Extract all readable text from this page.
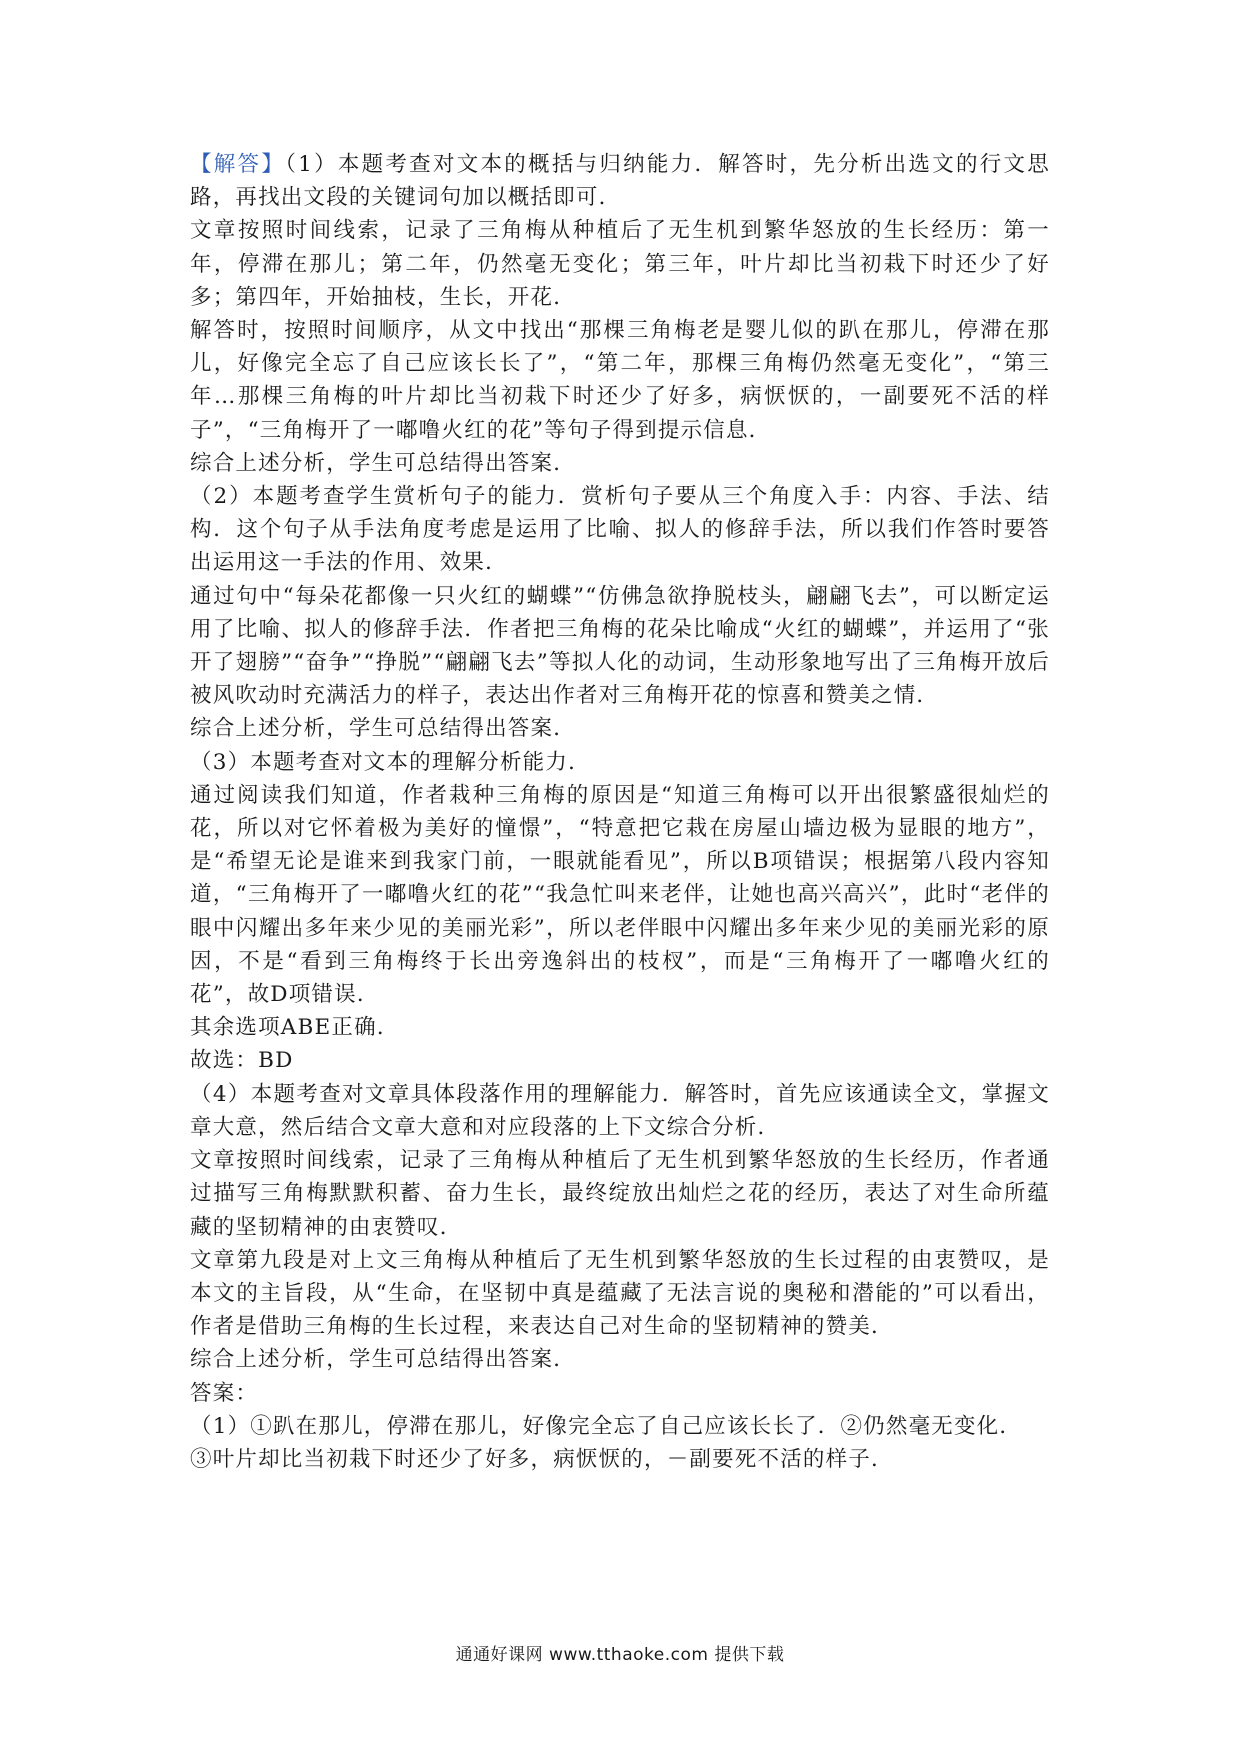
【解答】（1）本题考查对文本的概括与归纳能力．解答时，先分析出选文的行文思路，再找出文段的关键词句加以概括即可．

文章按照时间线索，记录了三角梅从种植后了无生机到繁华怒放的生长经历：第一年，停滞在那儿；第二年，仍然毫无变化；第三年，叶片却比当初栽下时还少了好多；第四年，开始抽枝，生长，开花．

解答时，按照时间顺序，从文中找出“那棵三角梅老是婴儿似的趴在那儿，停滞在那儿，好像完全忘了自己应该长长了”，“第二年，那棵三角梅仍然毫无变化”，“第三年…那棵三角梅的叶片却比当初栽下时还少了好多，病恹恹的，一副要死不活的样子”，“三角梅开了一嘟噜火红的花”等句子得到提示信息．

综合上述分析，学生可总结得出答案．

（2）本题考查学生赏析句子的能力．赏析句子要从三个角度入手：内容、手法、结构．这个句子从手法角度考虑是运用了比喻、拟人的修辞手法，所以我们作答时要答出运用这一手法的作用、效果．

通过句中“每朵花都像一只火红的蝴蝶”“仿佛急欲挣脱枝头，翩翩飞去”，可以断定运用了比喻、拟人的修辞手法．作者把三角梅的花朵比喻成“火红的蝴蝶”，并运用了“张开了翅膀”“奋争”“挣脱”“翩翩飞去”等拟人化的动词，生动形象地写出了三角梅开放后被风吹动时充满活力的样子，表达出作者对三角梅开花的惊喜和赞美之情．

综合上述分析，学生可总结得出答案．

（3）本题考查对文本的理解分析能力．

通过阅读我们知道，作者栽种三角梅的原因是“知道三角梅可以开出很繁盛很灿烂的花，所以对它怀着极为美好的憧憬”，“特意把它栽在房屋山墙边极为显眼的地方”，是“希望无论是谁来到我家门前，一眼就能看见”，所以B项错误；根据第八段内容知道，“三角梅开了一嘟噜火红的花”“我急忙叫来老伴，让她也高兴高兴”，此时“老伴的眼中闪耀出多年来少见的美丽光彩”，所以老伴眼中闪耀出多年来少见的美丽光彩的原因，不是“看到三角梅终于长出旁逸斜出的枝杈”，而是“三角梅开了一嘟噜火红的花”，故D项错误．

其余选项ABE正确．

故选：BD

（4）本题考查对文章具体段落作用的理解能力．解答时，首先应该通读全文，掌握文章大意，然后结合文章大意和对应段落的上下文综合分析．

文章按照时间线索，记录了三角梅从种植后了无生机到繁华怒放的生长经历，作者通过描写三角梅默默积蓄、奋力生长，最终绽放出灿烂之花的经历，表达了对生命所蕴藏的坚韧精神的由衷赞叹．

文章第九段是对上文三角梅从种植后了无生机到繁华怒放的生长过程的由衷赞叹，是本文的主旨段，从“生命，在坚韧中真是蕴藏了无法言说的奥秘和潜能的”可以看出，作者是借助三角梅的生长过程，来表达自己对生命的坚韧精神的赞美．

综合上述分析，学生可总结得出答案．

答案：

（1）①趴在那儿，停滞在那儿，好像完全忘了自己应该长长了．②仍然毫无变化．

③叶片却比当初栽下时还少了好多，病恹恹的，－副要死不活的样子．

通通好课网 www.tthaoke.com 提供下载
